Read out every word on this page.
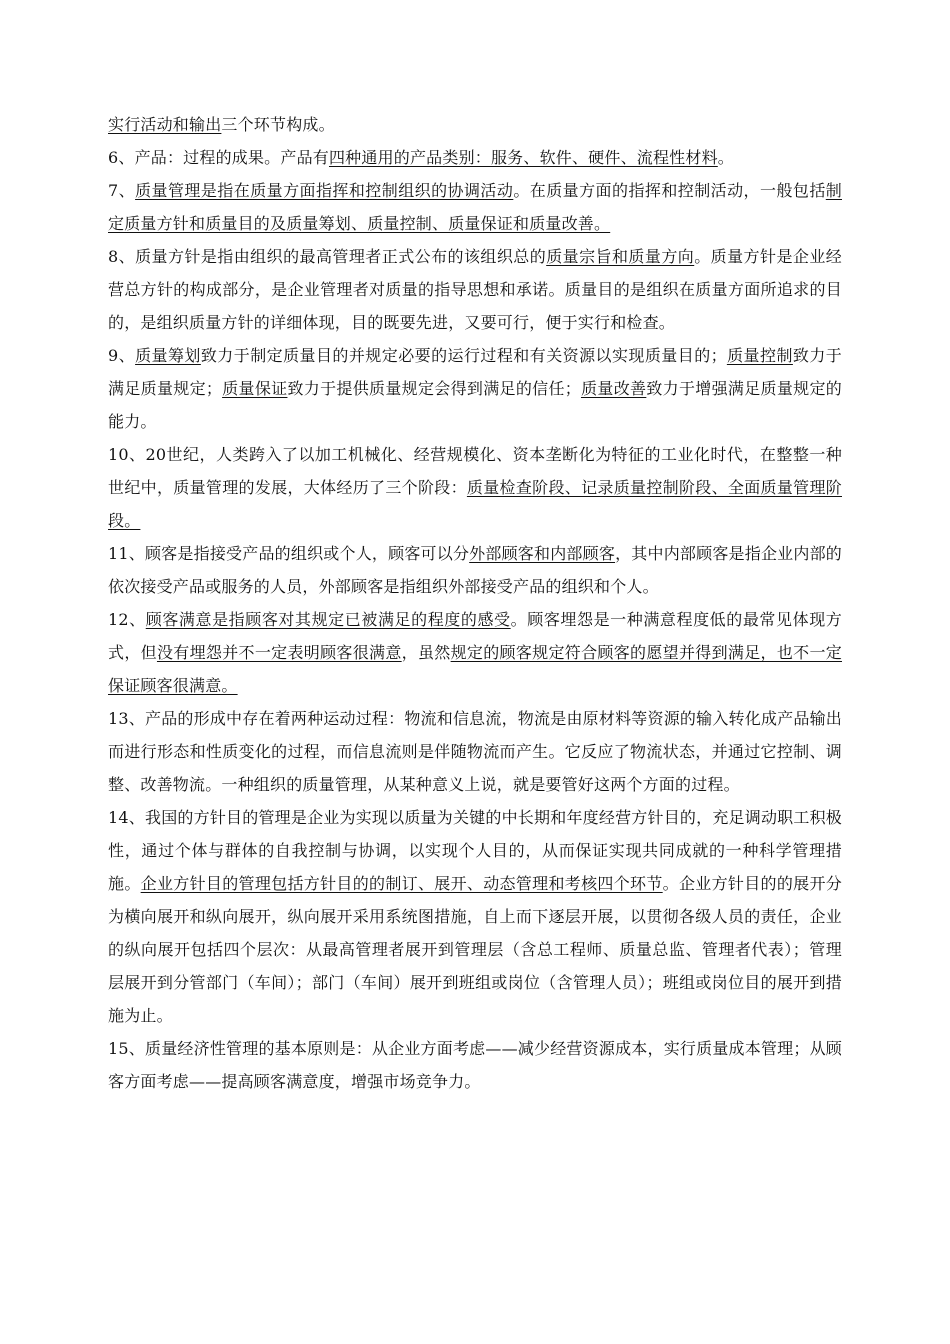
实行活动和输出三个环节构成。

6、产品：过程的成果。产品有四种通用的产品类别：服务、软件、硬件、流程性材料。

7、质量管理是指在质量方面指挥和控制组织的协调活动。在质量方面的指挥和控制活动，一般包括制定质量方针和质量目的及质量筹划、质量控制、质量保证和质量改善。

8、质量方针是指由组织的最高管理者正式公布的该组织总的质量宗旨和质量方向。质量方针是企业经营总方针的构成部分，是企业管理者对质量的指导思想和承诺。质量目的是组织在质量方面所追求的目的，是组织质量方针的详细体现，目的既要先进，又要可行，便于实行和检查。

9、质量筹划致力于制定质量目的并规定必要的运行过程和有关资源以实现质量目的；质量控制致力于满足质量规定；质量保证致力于提供质量规定会得到满足的信任；质量改善致力于增强满足质量规定的能力。

10、20世纪，人类跨入了以加工机械化、经营规模化、资本垄断化为特征的工业化时代，在整整一种世纪中，质量管理的发展，大体经历了三个阶段：质量检查阶段、记录质量控制阶段、全面质量管理阶段。

11、顾客是指接受产品的组织或个人，顾客可以分外部顾客和内部顾客，其中内部顾客是指企业内部的依次接受产品或服务的人员，外部顾客是指组织外部接受产品的组织和个人。

12、顾客满意是指顾客对其规定已被满足的程度的感受。顾客埋怨是一种满意程度低的最常见体现方式，但没有埋怨并不一定表明顾客很满意，虽然规定的顾客规定符合顾客的愿望并得到满足，也不一定保证顾客很满意。

13、产品的形成中存在着两种运动过程：物流和信息流，物流是由原材料等资源的输入转化成产品输出而进行形态和性质变化的过程，而信息流则是伴随物流而产生。它反应了物流状态，并通过它控制、调整、改善物流。一种组织的质量管理，从某种意义上说，就是要管好这两个方面的过程。

14、我国的方针目的管理是企业为实现以质量为关键的中长期和年度经营方针目的，充足调动职工积极性，通过个体与群体的自我控制与协调，以实现个人目的，从而保证实现共同成就的一种科学管理措施。企业方针目的管理包括方针目的的制订、展开、动态管理和考核四个环节。企业方针目的的展开分为横向展开和纵向展开，纵向展开采用系统图措施，自上而下逐层开展，以贯彻各级人员的责任，企业的纵向展开包括四个层次：从最高管理者展开到管理层（含总工程师、质量总监、管理者代表）；管理层展开到分管部门（车间）；部门（车间）展开到班组或岗位（含管理人员）；班组或岗位目的展开到措施为止。

15、质量经济性管理的基本原则是：从企业方面考虑——减少经营资源成本，实行质量成本管理；从顾客方面考虑——提高顾客满意度，增强市场竞争力。
